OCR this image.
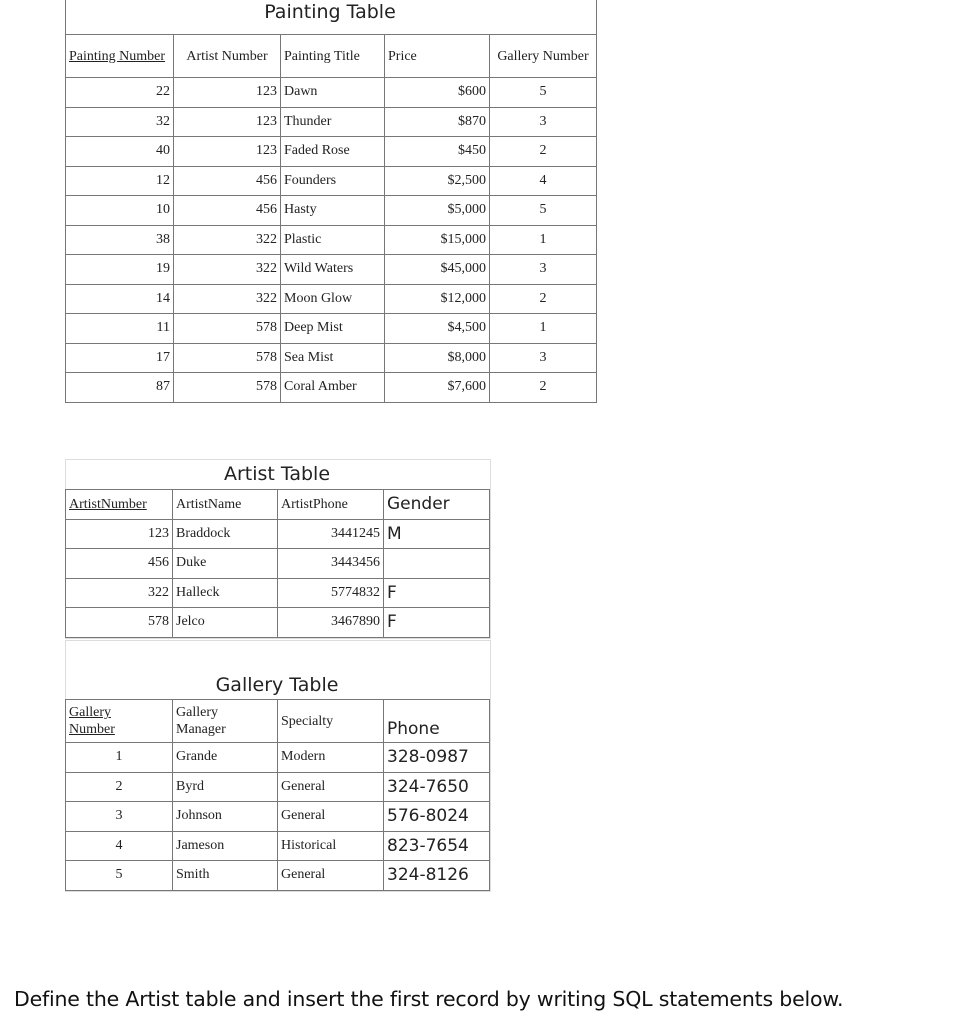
Painting Table
Painting Number	Artist Number	Painting Title	Price	Gallery Number
22	123	Dawn	$600	5
32	123	Thunder	$870	3
40	123	Faded Rose	$450	2
12	456	Founders	$2,500	4
10	456	Hasty	$5,000	5
38	322	Plastic	$15,000	1
19	322	Wild Waters	$45,000	3
14	322	Moon Glow	$12,000	2
11	578	Deep Mist	$4,500	1
17	578	Sea Mist	$8,000	3
87	578	Coral Amber	$7,600	2
Artist Table
ArtistNumber	ArtistName	ArtistPhone	Gender
123	Braddock	3441245	M
456	Duke	3443456	
322	Halleck	5774832	F
578	Jelco	3467890	F
Gallery Table
Gallery Number	Gallery Manager	Specialty	Phone
1	Grande	Modern	328-0987
2	Byrd	General	324-7650
3	Johnson	General	576-8024
4	Jameson	Historical	823-7654
5	Smith	General	324-8126
Define the Artist table and insert the first record by writing SQL statements below.
